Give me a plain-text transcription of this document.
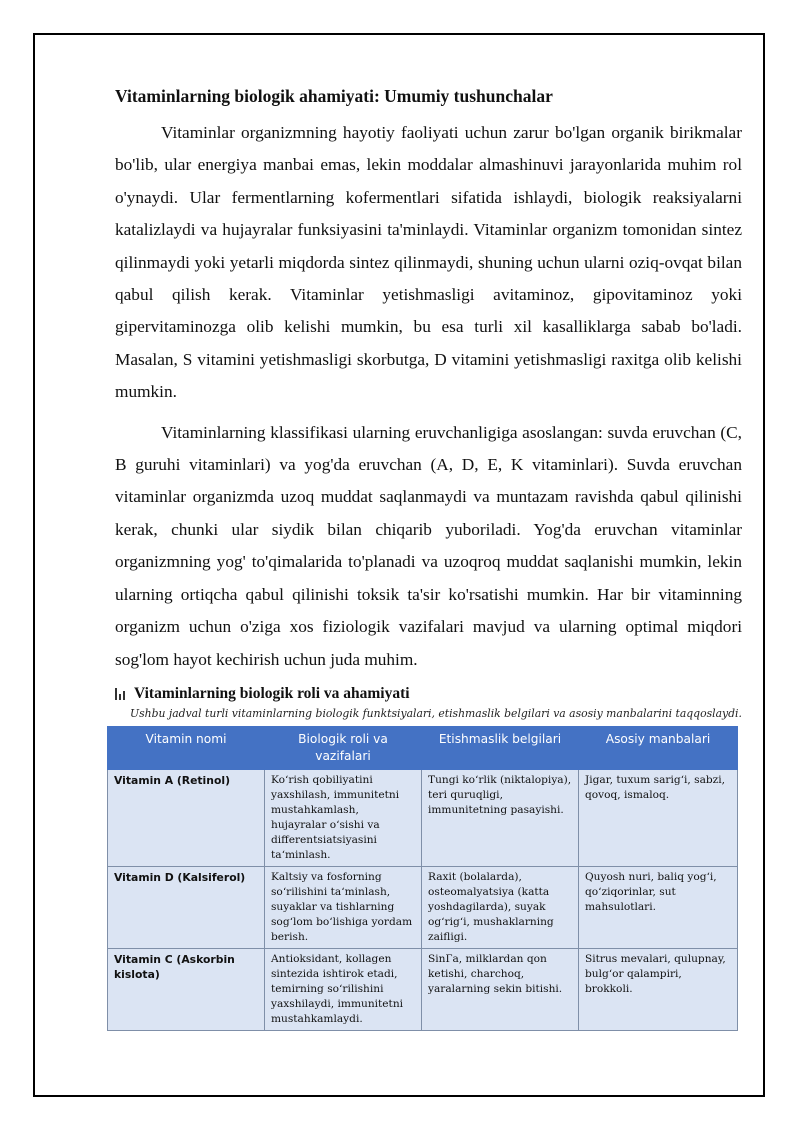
Vitaminlarning biologik ahamiyati: Umumiy tushunchalar

Vitaminlar organizmning hayotiy faoliyati uchun zarur bo'lgan organik birikmalar bo'lib, ular energiya manbai emas, lekin moddalar almashinuvi jarayonlarida muhim rol o'ynaydi. Ular fermentlarning kofermentlari sifatida ishlaydi, biologik reaksiyalarni katalizlaydi va hujayralar funksiyasini ta'minlaydi. Vitaminlar organizm tomonidan sintez qilinmaydi yoki yetarli miqdorda sintez qilinmaydi, shuning uchun ularni oziq-ovqat bilan qabul qilish kerak. Vitaminlar yetishmasligi avitaminoz, gipovitaminoz yoki gipervitaminozga olib kelishi mumkin, bu esa turli xil kasalliklarga sabab bo'ladi. Masalan, S vitamini yetishmasligi skorbutga, D vitamini yetishmasligi raxitga olib kelishi mumkin.

Vitaminlarning klassifikasi ularning eruvchanligiga asoslangan: suvda eruvchan (C, B guruhi vitaminlari) va yog'da eruvchan (A, D, E, K vitaminlari). Suvda eruvchan vitaminlar organizmda uzoq muddat saqlanmaydi va muntazam ravishda qabul qilinishi kerak, chunki ular siydik bilan chiqarib yuboriladi. Yog'da eruvchan vitaminlar organizmning yog' to'qimalarida to'planadi va uzoqroq muddat saqlanishi mumkin, lekin ularning ortiqcha qabul qilinishi toksik ta'sir ko'rsatishi mumkin. Har bir vitaminning organizm uchun o'ziga xos fiziologik vazifalari mavjud va ularning optimal miqdori sog'lom hayot kechirish uchun juda muhim.

Vitaminlarning biologik roli va ahamiyati
Ushbu jadval turli vitaminlarning biologik funktsiyalari, etishmaslik belgilari va asosiy manbalarini taqqoslaydi.
Vitamin nomi	Biologik roli va vazifalari	Etishmaslik belgilari	Asosiy manbalari
Vitamin A (Retinol)	Ko‘rish qobiliyatini yaxshilash, immunitetni mustahkamlash, hujayralar o‘sishi va differentsiatsiyasini ta‘minlash.	Tungi ko‘rlik (niktalopiya), teri quruqligi, immunitetning pasayishi.	Jigar, tuxum sarig‘i, sabzi, qovoq, ismaloq.
Vitamin D (Kalsiferol)	Kaltsiy va fosforning so‘rilishini ta‘minlash, suyaklar va tishlarning sog‘lom bo‘lishiga yordam berish.	Raxit (bolalarda), osteomalyatsiya (katta yoshdagilarda), suyak og‘rig‘i, mushaklarning zaifligi.	Quyosh nuri, baliq yog‘i, qo‘ziqorinlar, sut mahsulotlari.
Vitamin C (Askorbin kislota)	Antioksidant, kollagen sintezida ishtirok etadi, temirning so‘rilishini yaxshilaydi, immunitetni mustahkamlaydi.	SinГa, milklardan qon ketishi, charchoq, yaralarning sekin bitishi.	Sitrus mevalari, qulupnay, bulg‘or qalampiri, brokkoli.
